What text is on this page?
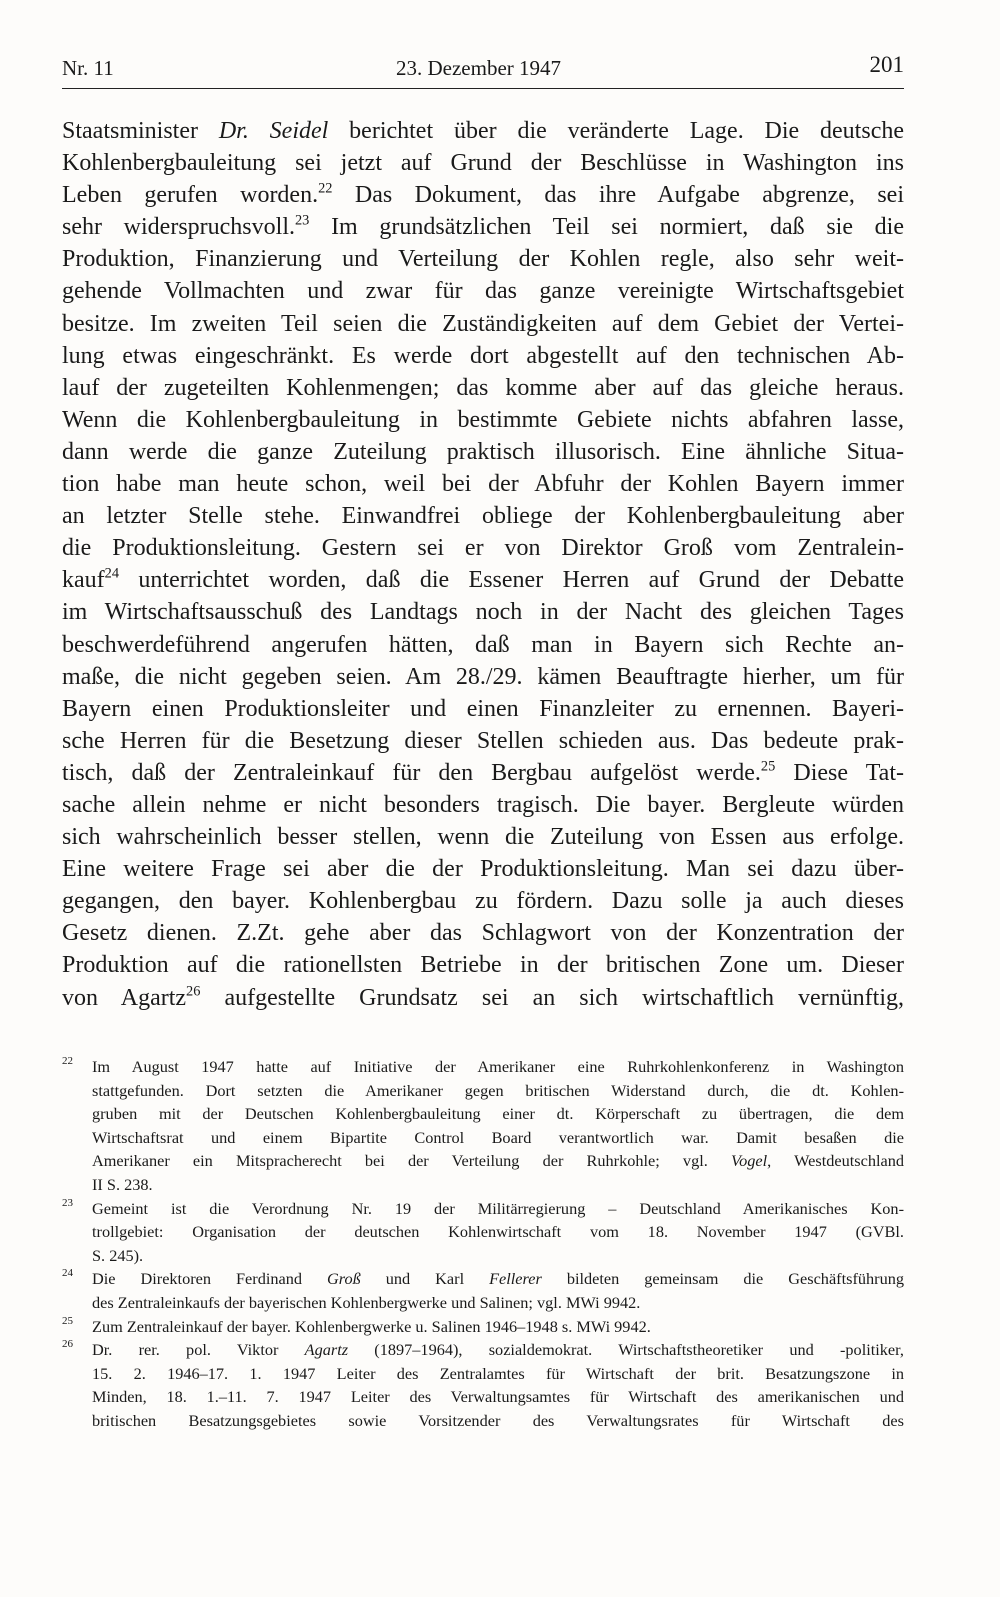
Nr. 11	23. Dezember 1947	201
Staatsminister Dr. Seidel berichtet über die veränderte Lage. Die deutsche
Kohlenbergbauleitung sei jetzt auf Grund der Beschlüsse in Washington ins
Leben gerufen worden.$^{22}$ Das Dokument, das ihre Aufgabe abgrenze, sei
sehr widerspruchsvoll.$^{23}$ Im grundsätzlichen Teil sei normiert, daß sie die
Produktion, Finanzierung und Verteilung der Kohlen regle, also sehr weit-
gehende Vollmachten und zwar für das ganze vereinigte Wirtschaftsgebiet
besitze. Im zweiten Teil seien die Zuständigkeiten auf dem Gebiet der Vertei-
lung etwas eingeschränkt. Es werde dort abgestellt auf den technischen Ab-
lauf der zugeteilten Kohlenmengen; das komme aber auf das gleiche heraus.
Wenn die Kohlenbergbauleitung in bestimmte Gebiete nichts abfahren lasse,
dann werde die ganze Zuteilung praktisch illusorisch. Eine ähnliche Situa-
tion habe man heute schon, weil bei der Abfuhr der Kohlen Bayern immer
an letzter Stelle stehe. Einwandfrei obliege der Kohlenbergbauleitung aber
die Produktionsleitung. Gestern sei er von Direktor Groß vom Zentralein-
kauf$^{24}$ unterrichtet worden, daß die Essener Herren auf Grund der Debatte
im Wirtschaftsausschuß des Landtags noch in der Nacht des gleichen Tages
beschwerdeführend angerufen hätten, daß man in Bayern sich Rechte an-
maße, die nicht gegeben seien. Am 28./29. kämen Beauftragte hierher, um für
Bayern einen Produktionsleiter und einen Finanzleiter zu ernennen. Bayeri-
sche Herren für die Besetzung dieser Stellen schieden aus. Das bedeute prak-
tisch, daß der Zentraleinkauf für den Bergbau aufgelöst werde.$^{25}$ Diese Tat-
sache allein nehme er nicht besonders tragisch. Die bayer. Bergleute würden
sich wahrscheinlich besser stellen, wenn die Zuteilung von Essen aus erfolge.
Eine weitere Frage sei aber die der Produktionsleitung. Man sei dazu über-
gegangen, den bayer. Kohlenbergbau zu fördern. Dazu solle ja auch dieses
Gesetz dienen. Z.Zt. gehe aber das Schlagwort von der Konzentration der
Produktion auf die rationellsten Betriebe in der britischen Zone um. Dieser
von Agartz$^{26}$ aufgestellte Grundsatz sei an sich wirtschaftlich vernünftig,
22 Im August 1947 hatte auf Initiative der Amerikaner eine Ruhrkohlenkonferenz in Washington
stattgefunden. Dort setzten die Amerikaner gegen britischen Widerstand durch, die dt. Kohlen-
gruben mit der Deutschen Kohlenbergbauleitung einer dt. Körperschaft zu übertragen, die dem
Wirtschaftsrat und einem Bipartite Control Board verantwortlich war. Damit besaßen die
Amerikaner ein Mitspracherecht bei der Verteilung der Ruhrkohle; vgl. Vogel, Westdeutschland
II S. 238.
23 Gemeint ist die Verordnung Nr. 19 der Militärregierung – Deutschland Amerikanisches Kon-
trollgebiet: Organisation der deutschen Kohlenwirtschaft vom 18. November 1947 (GVBl.
S. 245).
24 Die Direktoren Ferdinand Groß und Karl Fellerer bildeten gemeinsam die Geschäftsführung
des Zentraleinkaufs der bayerischen Kohlenbergwerke und Salinen; vgl. MWi 9942.
25 Zum Zentraleinkauf der bayer. Kohlenbergwerke u. Salinen 1946–1948 s. MWi 9942.
26 Dr. rer. pol. Viktor Agartz (1897–1964), sozialdemokrat. Wirtschaftstheoretiker und -politiker,
15. 2. 1946–17. 1. 1947 Leiter des Zentralamtes für Wirtschaft der brit. Besatzungszone in
Minden, 18. 1.–11. 7. 1947 Leiter des Verwaltungsamtes für Wirtschaft des amerikanischen und
britischen Besatzungsgebietes sowie Vorsitzender des Verwaltungsrates für Wirtschaft des
